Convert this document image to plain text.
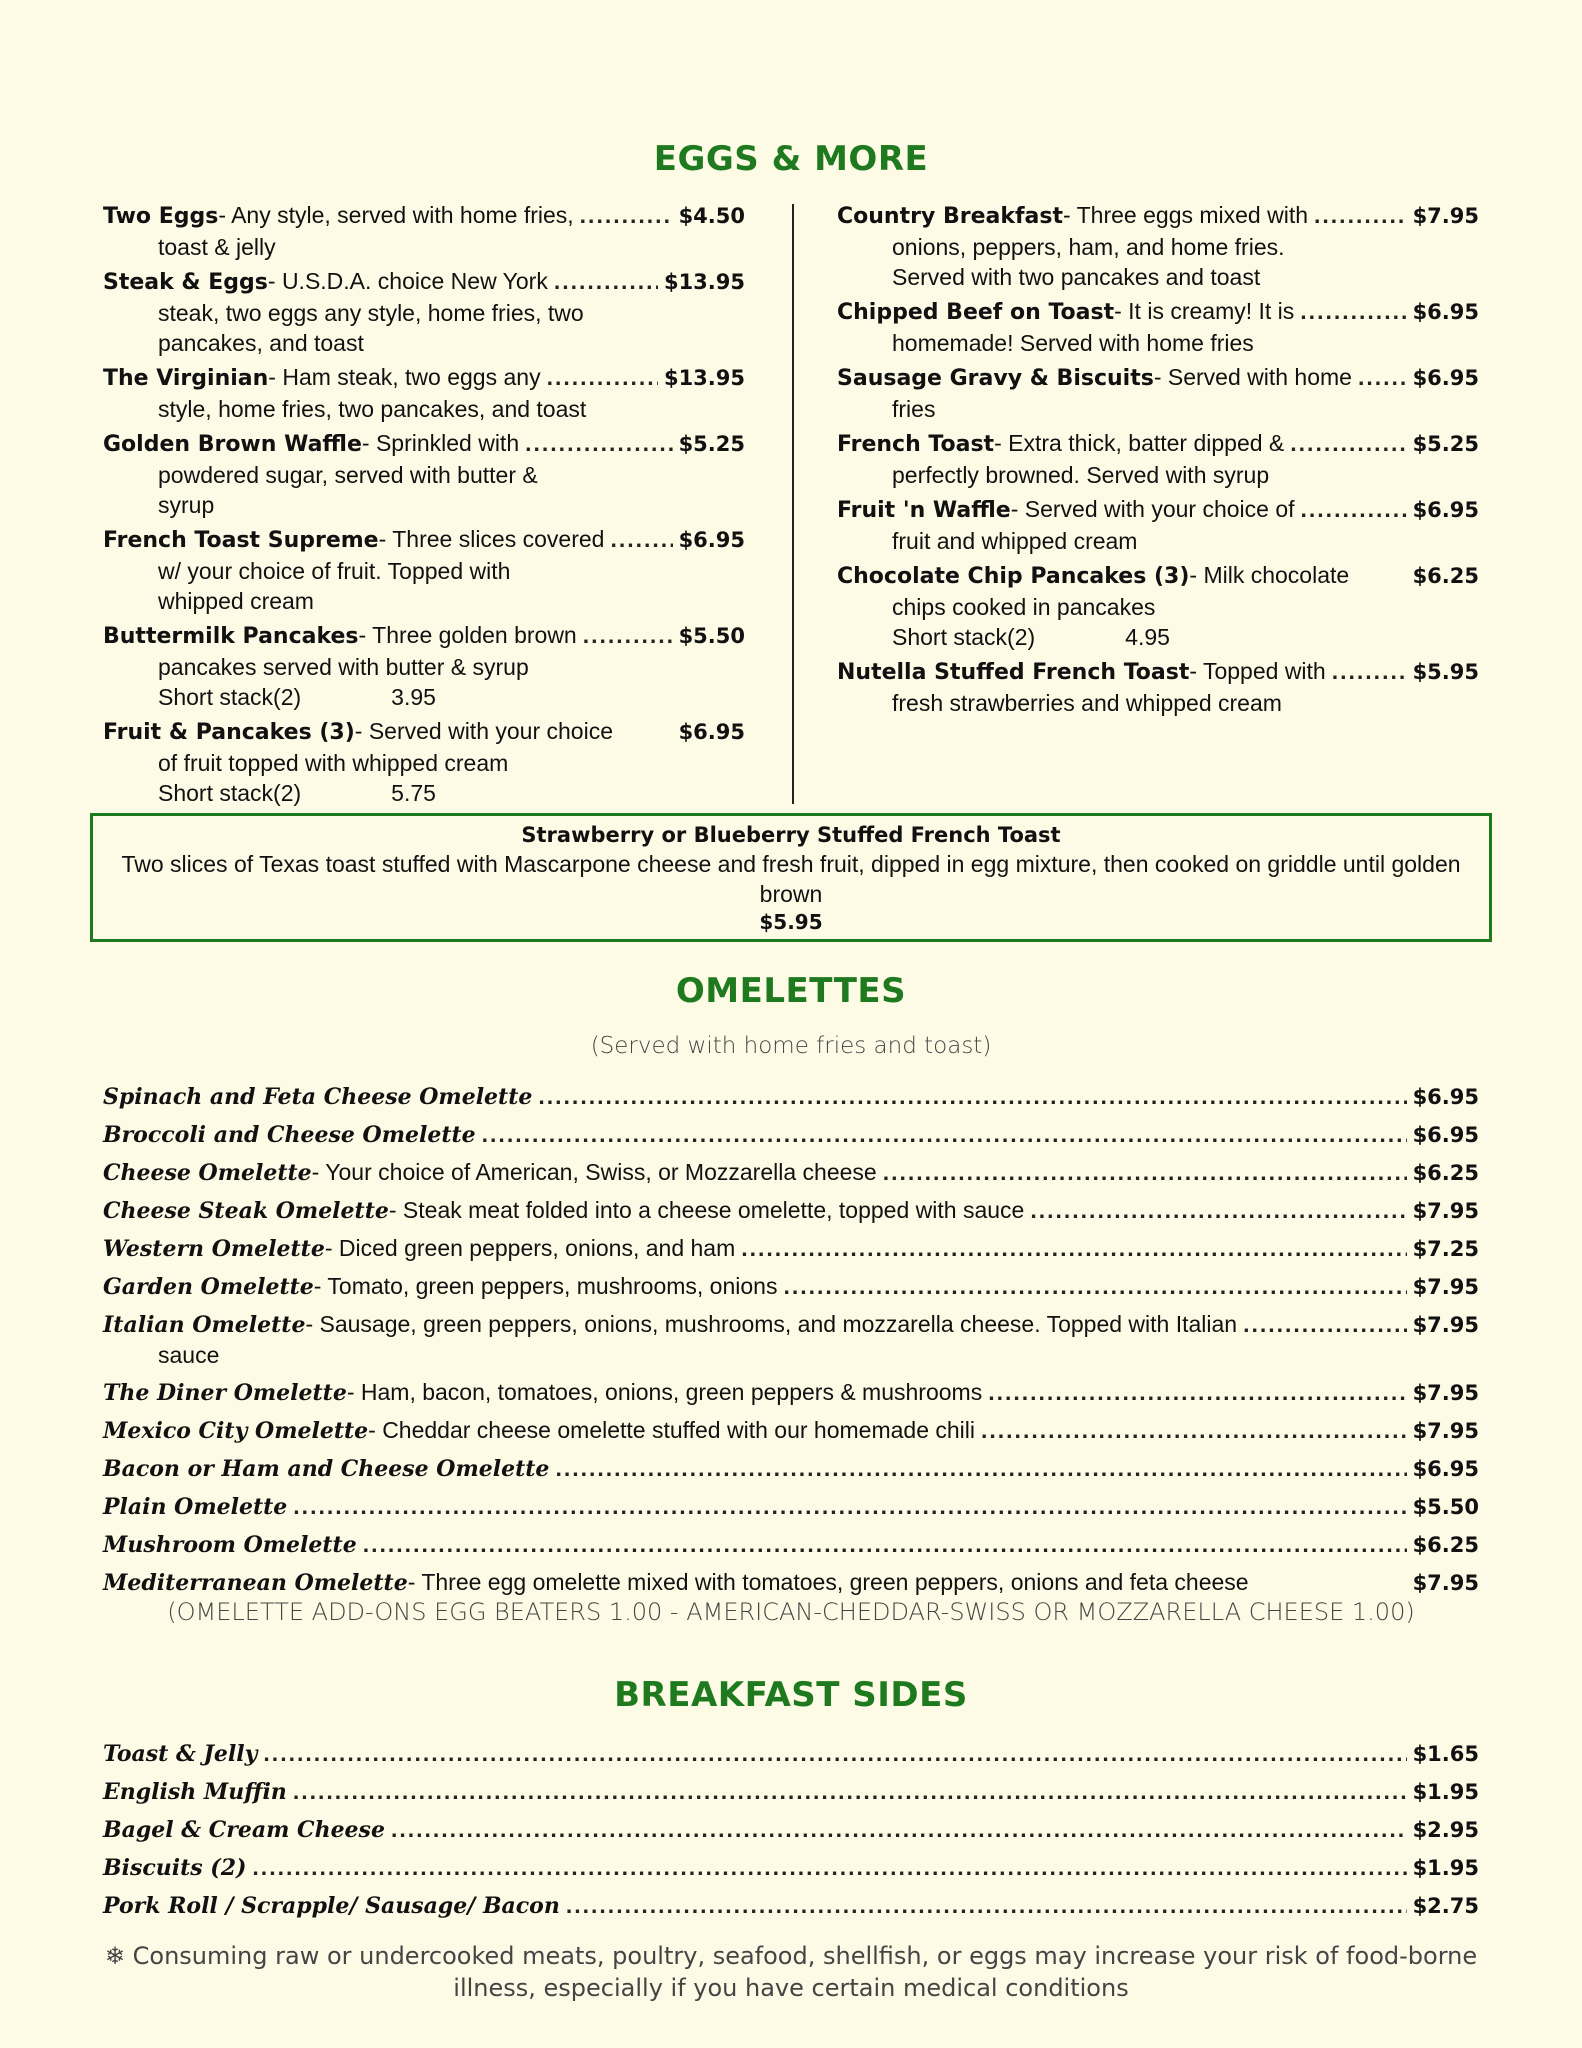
EGGS & MORE
Two Eggs - Any style, served with home fries, .....	$4.50
toast & jelly
Steak & Eggs - U.S.D.A. choice New York .....	$13.95
steak, two eggs any style, home fries, two
pancakes, and toast
The Virginian - Ham steak, two eggs any .....	$13.95
style, home fries, two pancakes, and toast
Golden Brown Waffle - Sprinkled with .....	$5.25
powdered sugar, served with butter &
syrup
French Toast Supreme - Three slices covered .....	$6.95
w/ your choice of fruit. Topped with
whipped cream
Buttermilk Pancakes - Three golden brown .....	$5.50
pancakes served with butter & syrup
Short stack(2)	3.95
Fruit & Pancakes (3) - Served with your choice	$6.95
of fruit topped with whipped cream
Short stack(2)	5.75
Country Breakfast - Three eggs mixed with .....	$7.95
onions, peppers, ham, and home fries.
Served with two pancakes and toast
Chipped Beef on Toast - It is creamy! It is .....	$6.95
homemade! Served with home fries
Sausage Gravy & Biscuits - Served with home .....	$6.95
fries
French Toast - Extra thick, batter dipped & .....	$5.25
perfectly browned. Served with syrup
Fruit 'n Waffle - Served with your choice of .....	$6.95
fruit and whipped cream
Chocolate Chip Pancakes (3) - Milk chocolate	$6.25
chips cooked in pancakes
Short stack(2)	4.95
Nutella Stuffed French Toast - Topped with .....	$5.95
fresh strawberries and whipped cream
Strawberry or Blueberry Stuffed French Toast
Two slices of Texas toast stuffed with Mascarpone cheese and fresh fruit, dipped in egg mixture, then cooked on griddle until golden brown
$5.95
OMELETTES
(Served with home fries and toast)
Spinach and Feta Cheese Omelette .....	$6.95
Broccoli and Cheese Omelette .....	$6.95
Cheese Omelette - Your choice of American, Swiss, or Mozzarella cheese .....	$6.25
Cheese Steak Omelette - Steak meat folded into a cheese omelette, topped with sauce .....	$7.95
Western Omelette - Diced green peppers, onions, and ham .....	$7.25
Garden Omelette - Tomato, green peppers, mushrooms, onions .....	$7.95
Italian Omelette - Sausage, green peppers, onions, mushrooms, and mozzarella cheese. Topped with Italian .....	$7.95
sauce
The Diner Omelette - Ham, bacon, tomatoes, onions, green peppers & mushrooms .....	$7.95
Mexico City Omelette - Cheddar cheese omelette stuffed with our homemade chili .....	$7.95
Bacon or Ham and Cheese Omelette .....	$6.95
Plain Omelette .....	$5.50
Mushroom Omelette .....	$6.25
Mediterranean Omelette - Three egg omelette mixed with tomatoes, green peppers, onions and feta cheese	$7.95
(OMELETTE ADD-ONS EGG BEATERS 1.00 - AMERICAN-CHEDDAR-SWISS OR MOZZARELLA CHEESE 1.00)
BREAKFAST SIDES
Toast & Jelly .....	$1.65
English Muffin .....	$1.95
Bagel & Cream Cheese .....	$2.95
Biscuits (2) .....	$1.95
Pork Roll / Scrapple/ Sausage/ Bacon .....	$2.75
❄ Consuming raw or undercooked meats, poultry, seafood, shellfish, or eggs may increase your risk of food-borne illness, especially if you have certain medical conditions
